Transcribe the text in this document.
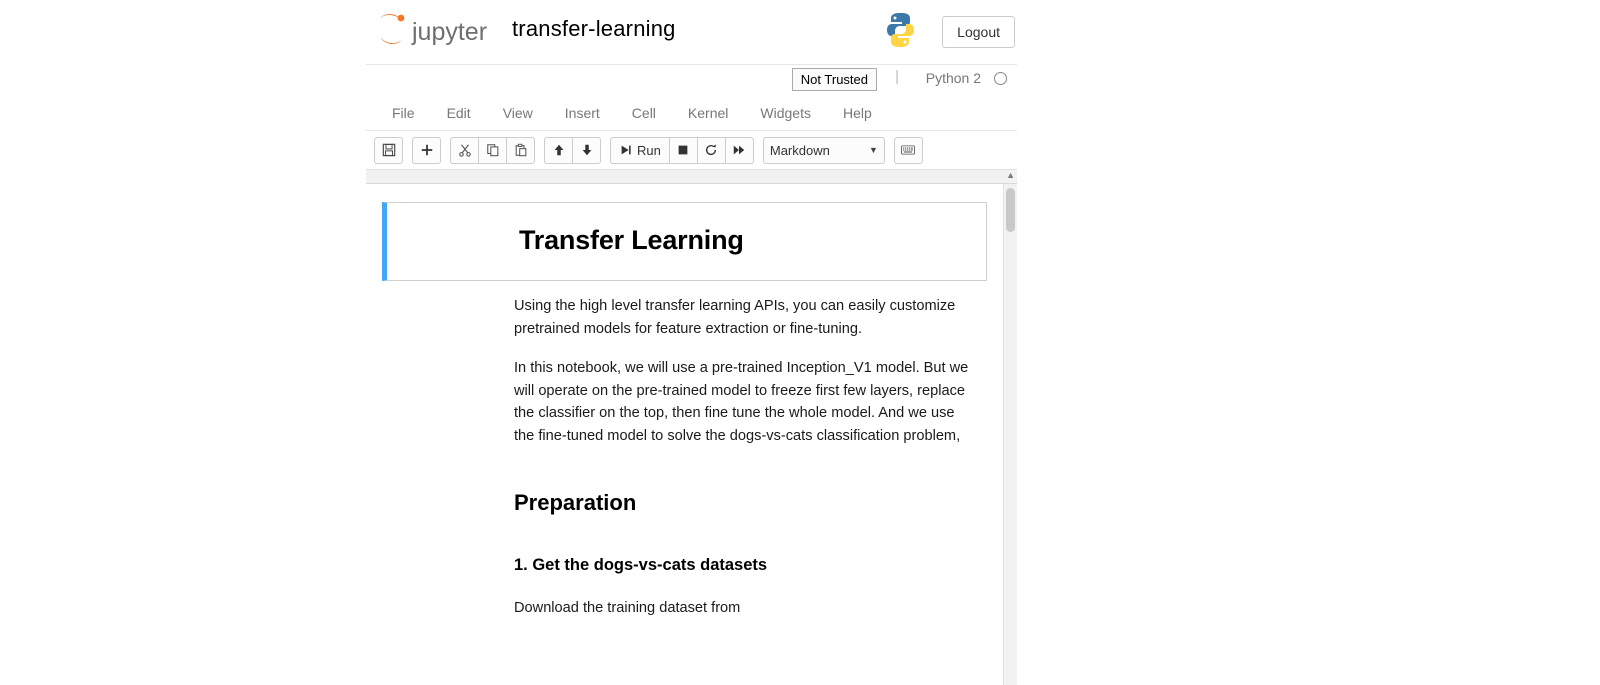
jupyter transfer-learning	Logout
Not Trusted	| Python 2
File	Edit	View	Insert	Cell	Kernel	Widgets	Help
Run	Markdown	▼
▲
Transfer Learning

Using the high level transfer learning APIs, you can easily customize pretrained models for feature extraction or fine-tuning.

In this notebook, we will use a pre-trained Inception_V1 model. But we will operate on the pre-trained model to freeze first few layers, replace the classifier on the top, then fine tune the whole model. And we use the fine-tuned model to solve the dogs-vs-cats classification problem,

Preparation
1. Get the dogs-vs-cats datasets

Download the training dataset from
